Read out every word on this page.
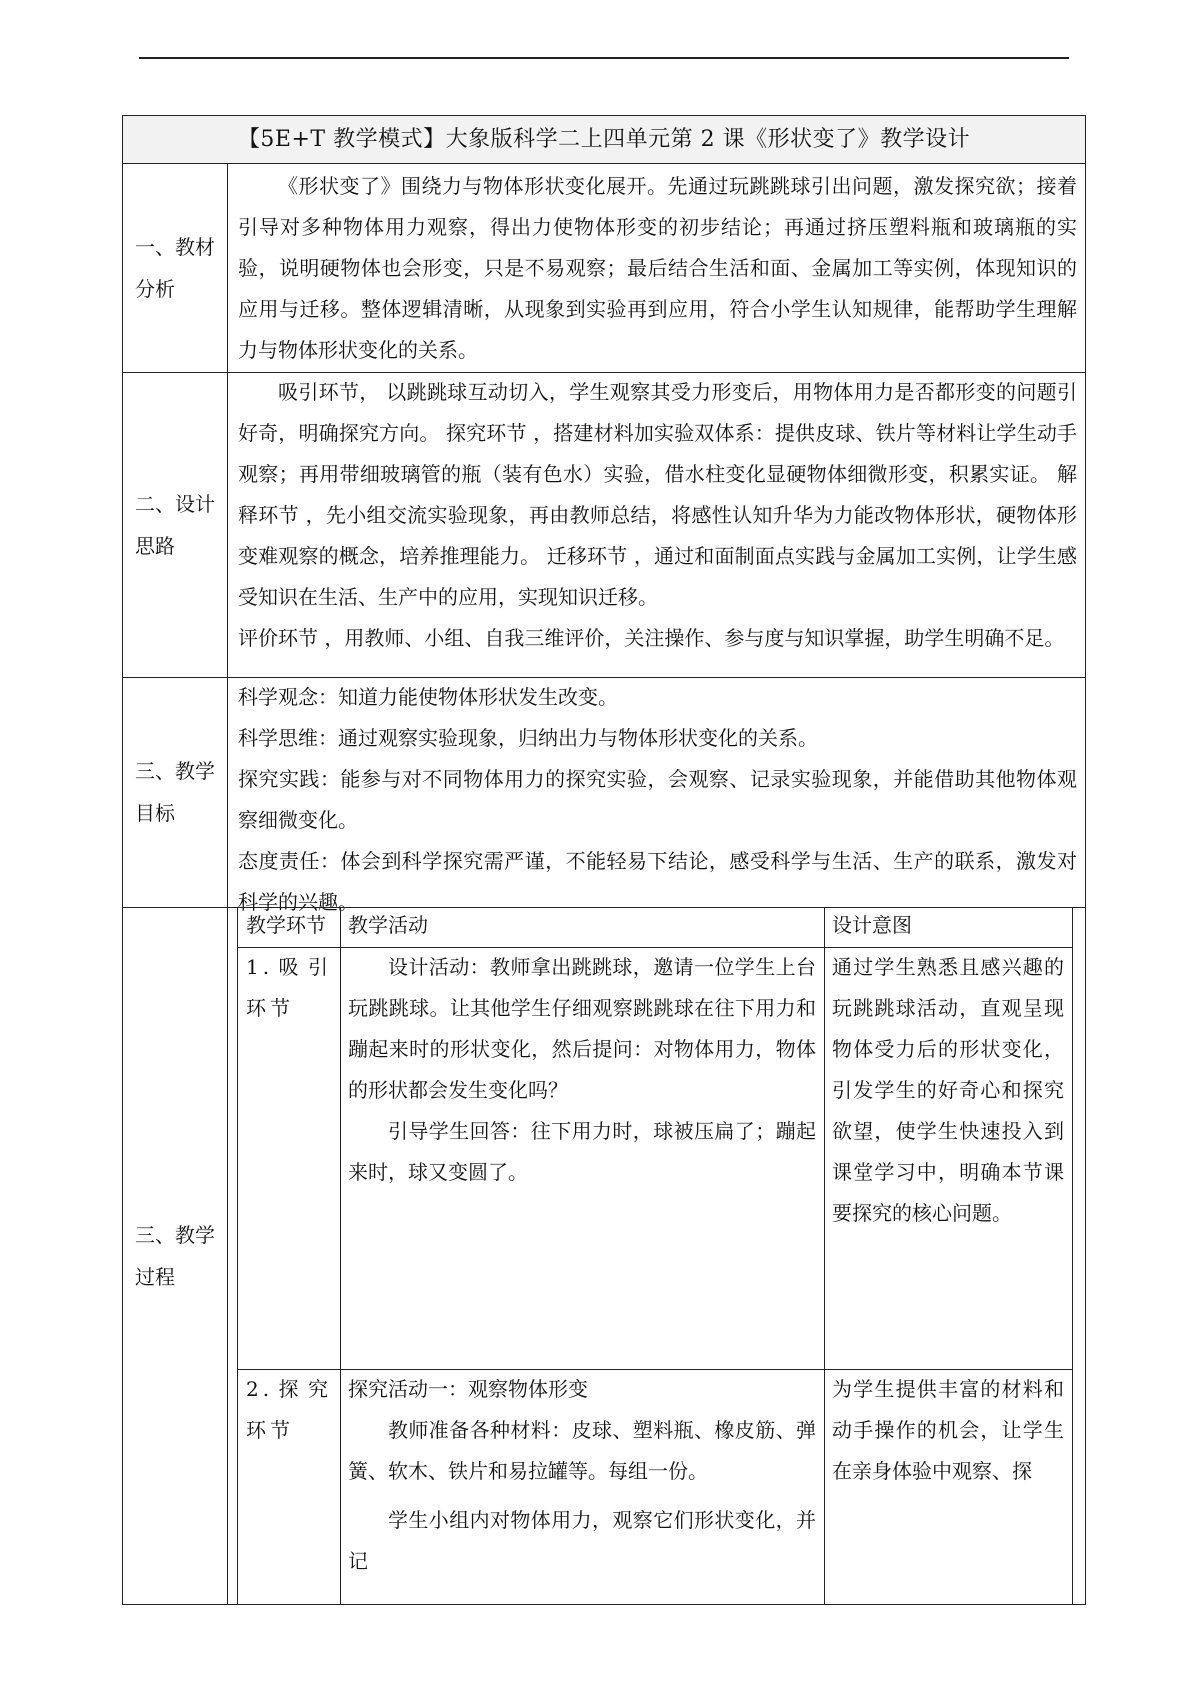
【5E+T 教学模式】大象版科学二上四单元第 2 课《形状变了》教学设计
一、教材分析

《形状变了》围绕力与物体形状变化展开。先通过玩跳跳球引出问题，激发探究欲；接着引导对多种物体用力观察，得出力使物体形变的初步结论；再通过挤压塑料瓶和玻璃瓶的实验，说明硬物体也会形变，只是不易观察；最后结合生活和面、金属加工等实例，体现知识的应用与迁移。整体逻辑清晰，从现象到实验再到应用，符合小学生认知规律，能帮助学生理解力与物体形状变化的关系。

二、设计思路

吸引环节， 以跳跳球互动切入，学生观察其受力形变后，用物体用力是否都形变的问题引好奇，明确探究方向。 探究环节 ，搭建材料加实验双体系：提供皮球、铁片等材料让学生动手观察；再用带细玻璃管的瓶（装有色水）实验，借水柱变化显硬物体细微形变，积累实证。 解释环节 ，先小组交流实验现象，再由教师总结，将感性认知升华为力能改物体形状，硬物体形变难观察的概念，培养推理能力。 迁移环节 ，通过和面制面点实践与金属加工实例，让学生感受知识在生活、生产中的应用，实现知识迁移。

评价环节 ，用教师、小组、自我三维评价，关注操作、参与度与知识掌握，助学生明确不足。

三、教学目标

科学观念：知道力能使物体形状发生改变。

科学思维：通过观察实验现象，归纳出力与物体形状变化的关系。

探究实践：能参与对不同物体用力的探究实验，会观察、记录实验现象，并能借助其他物体观察细微变化。

态度责任：体会到科学探究需严谨，不能轻易下结论，感受科学与生活、生产的联系，激发对科学的兴趣。

三、教学过程
教学环节	教学活动	设计意图
1.吸引环节

设计活动：教师拿出跳跳球，邀请一位学生上台玩跳跳球。让其他学生仔细观察跳跳球在往下用力和蹦起来时的形状变化，然后提问：对物体用力，物体的形状都会发生变化吗？

引导学生回答：往下用力时，球被压扁了；蹦起来时，球又变圆了。

通过学生熟悉且感兴趣的玩跳跳球活动，直观呈现物体受力后的形状变化，引发学生的好奇心和探究欲望，使学生快速投入到课堂学习中，明确本节课要探究的核心问题。
2.探究环节

探究活动一：观察物体形变

教师准备各种材料：皮球、塑料瓶、橡皮筋、弹簧、软木、铁片和易拉罐等。每组一份。

学生小组内对物体用力，观察它们形状变化，并记

为学生提供丰富的材料和动手操作的机会，让学生在亲身体验中观察、探
